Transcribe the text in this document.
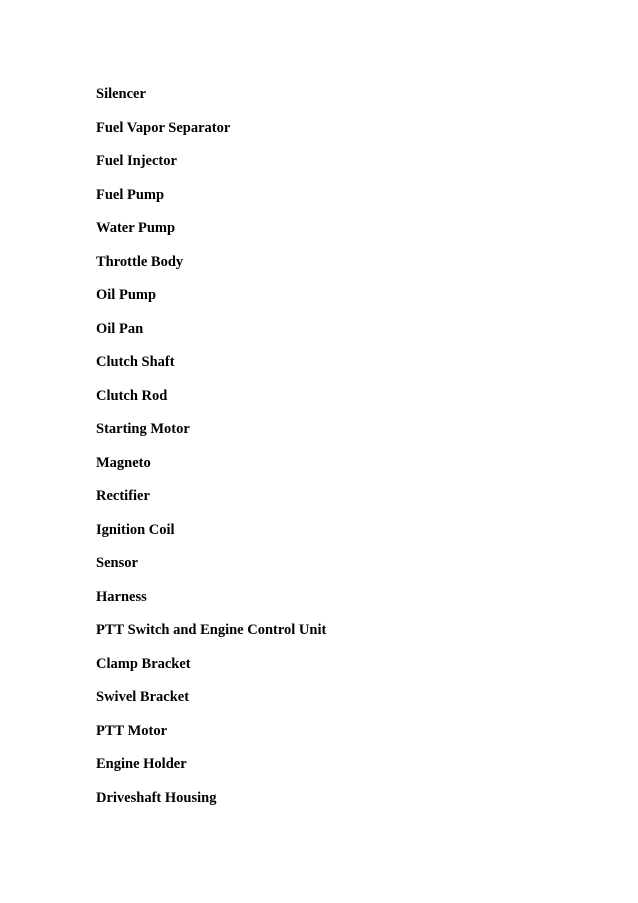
Silencer
Fuel Vapor Separator
Fuel Injector
Fuel Pump
Water Pump
Throttle Body
Oil Pump
Oil Pan
Clutch Shaft
Clutch Rod
Starting Motor
Magneto
Rectifier
Ignition Coil
Sensor
Harness
PTT Switch and Engine Control Unit
Clamp Bracket
Swivel Bracket
PTT Motor
Engine Holder
Driveshaft Housing
